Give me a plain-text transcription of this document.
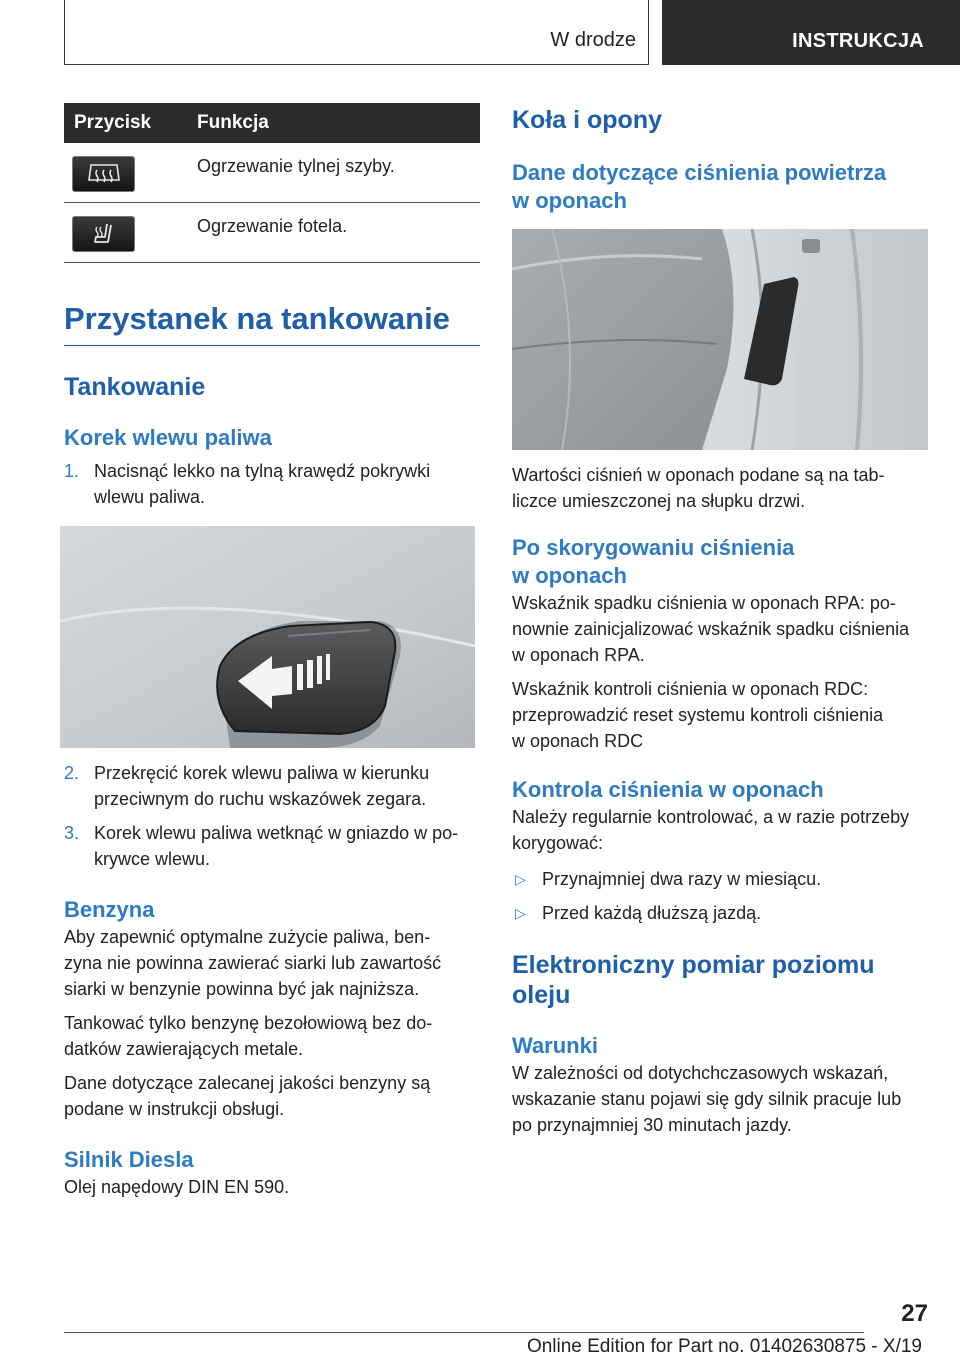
W drodze	INSTRUKCJA
Przycisk	Funkcja

	Ogrzewanie tylnej szyby.

	Ogrzewanie fotela.
Przystanek na tankowanie
Tankowanie
Korek wlewu paliwa
1. Nacisnąć lekko na tylną krawędź pokrywki
wlewu paliwa.
2. Przekręcić korek wlewu paliwa w kierunku
przeciwnym do ruchu wskazówek zegara.
3. Korek wlewu paliwa wetknąć w gniazdo w po-
krywce wlewu.
Benzyna
Aby zapewnić optymalne zużycie paliwa, ben-
zyna nie powinna zawierać siarki lub zawartość
siarki w benzynie powinna być jak najniższa.
Tankować tylko benzynę bezołowiową bez do-
datków zawierających metale.
Dane dotyczące zalecanej jakości benzyny są
podane w instrukcji obsługi.
Silnik Diesla
Olej napędowy DIN EN 590.
Koła i opony
Dane dotyczące ciśnienia powietrza
w oponach
Wartości ciśnień w oponach podane są na tab-
liczce umieszczonej na słupku drzwi.
Po skorygowaniu ciśnienia
w oponach
Wskaźnik spadku ciśnienia w oponach RPA: po-
nownie zainicjalizować wskaźnik spadku ciśnienia
w oponach RPA.
Wskaźnik kontroli ciśnienia w oponach RDC:
przeprowadzić reset systemu kontroli ciśnienia
w oponach RDC
Kontrola ciśnienia w oponach
Należy regularnie kontrolować, a w razie potrzeby
korygować:
▷ Przynajmniej dwa razy w miesiącu.
▷ Przed każdą dłuższą jazdą.
Elektroniczny pomiar poziomu
oleju
Warunki
W zależności od dotychchczasowych wskazań,
wskazanie stanu pojawi się gdy silnik pracuje lub
po przynajmniej 30 minutach jazdy.
27
Online Edition for Part no. 01402630875 - X/19
